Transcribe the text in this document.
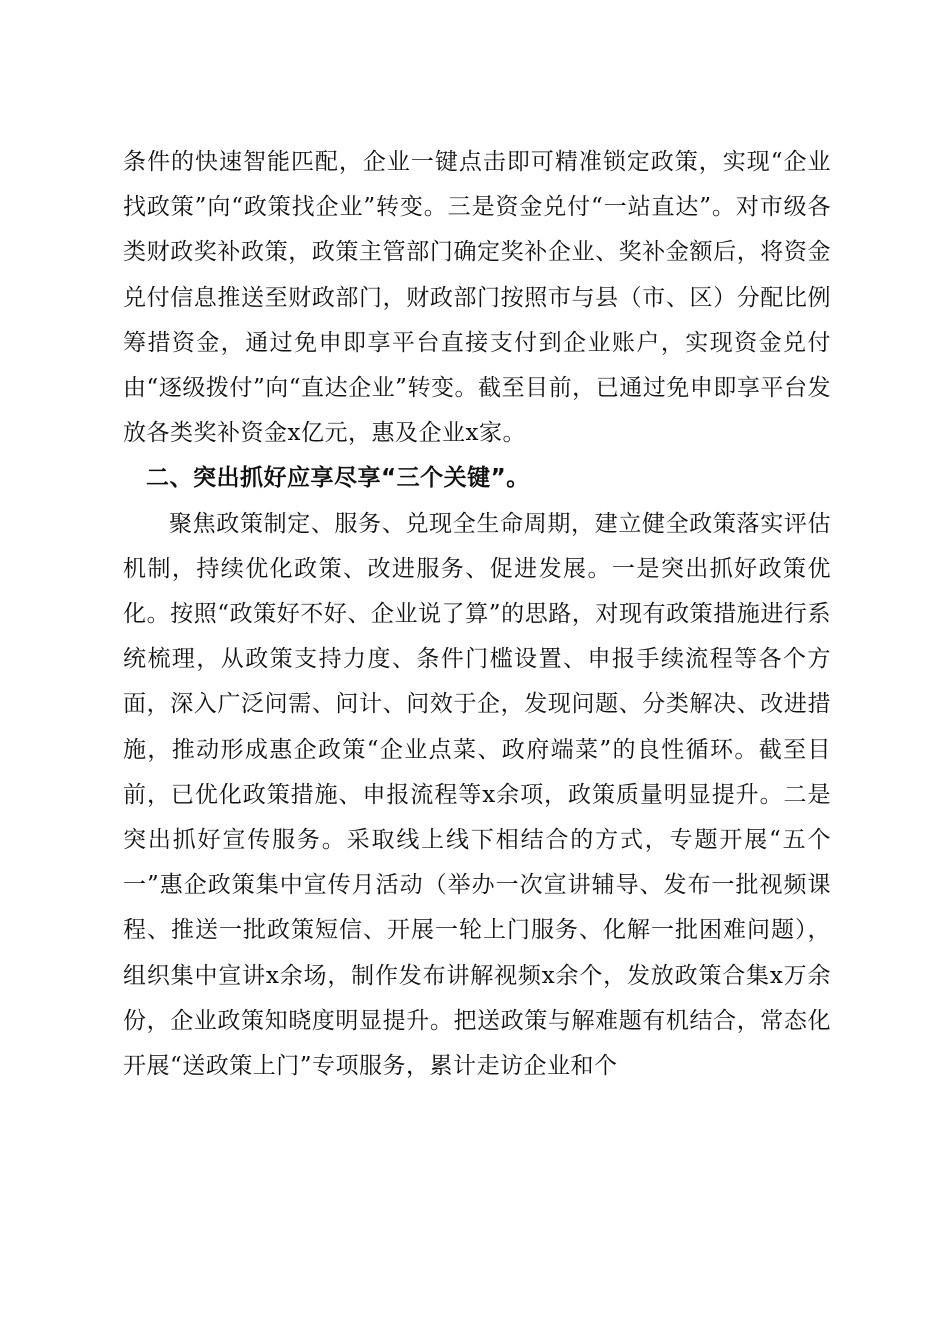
条件的快速智能匹配，企业一键点击即可精准锁定政策，实现“企业找政策”向“政策找企业”转变。三是资金兑付“一站直达”。对市级各类财政奖补政策，政策主管部门确定奖补企业、奖补金额后，将资金兑付信息推送至财政部门，财政部门按照市与县（市、区）分配比例筹措资金，通过免申即享平台直接支付到企业账户，实现资金兑付由“逐级拨付”向“直达企业”转变。截至目前，已通过免申即享平台发放各类奖补资金x亿元，惠及企业x家。

二、突出抓好应享尽享“三个关键”。

聚焦政策制定、服务、兑现全生命周期，建立健全政策落实评估机制，持续优化政策、改进服务、促进发展。一是突出抓好政策优化。按照“政策好不好、企业说了算”的思路，对现有政策措施进行系统梳理，从政策支持力度、条件门槛设置、申报手续流程等各个方面，深入广泛问需、问计、问效于企，发现问题、分类解决、改进措施，推动形成惠企政策“企业点菜、政府端菜”的良性循环。截至目前，已优化政策措施、申报流程等x余项，政策质量明显提升。二是突出抓好宣传服务。采取线上线下相结合的方式，专题开展“五个一”惠企政策集中宣传月活动（举办一次宣讲辅导、发布一批视频课程、推送一批政策短信、开展一轮上门服务、化解一批困难问题），组织集中宣讲x余场，制作发布讲解视频x余个，发放政策合集x万余份，企业政策知晓度明显提升。把送政策与解难题有机结合，常态化开展“送政策上门”专项服务，累计走访企业和个
